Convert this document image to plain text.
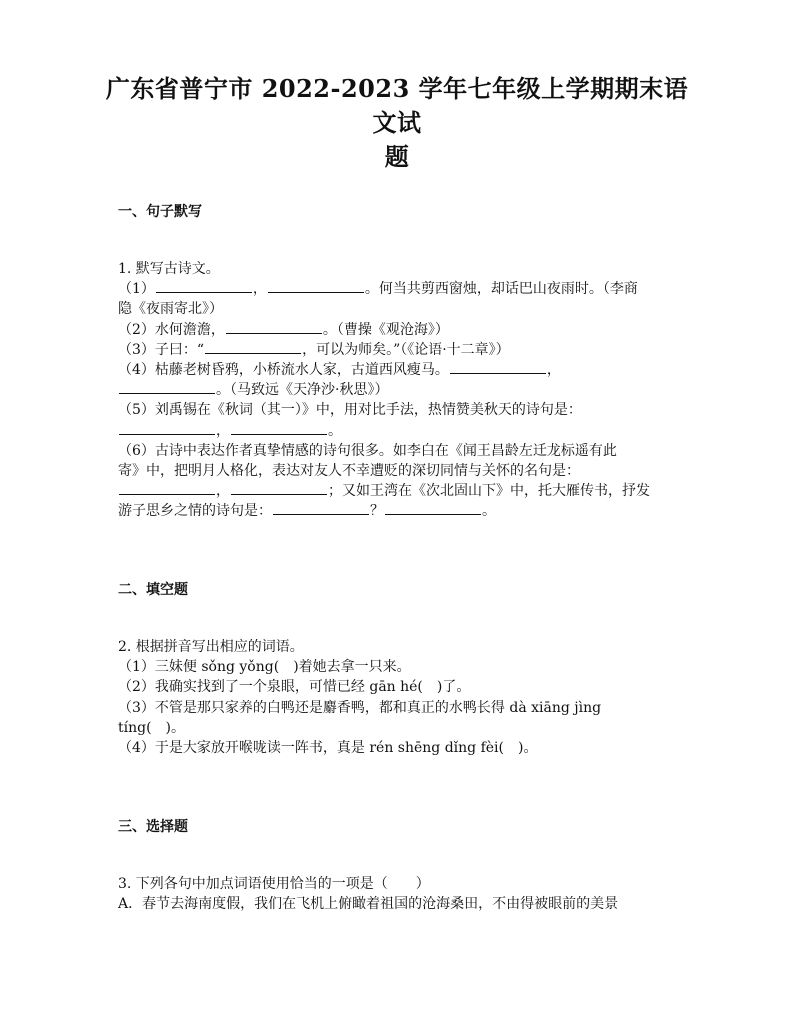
广东省普宁市 2022-2023 学年七年级上学期期末语文试
题
一、句子默写

1. 默写古诗文。

（1）	，	。何当共剪西窗烛，却话巴山夜雨时。（李商

隐《夜雨寄北》）

（2）水何澹澹，	。（曹操《观沧海》）

（3）子曰：“	，可以为师矣。”（《论语·十二章》）

（4）枯藤老树昏鸦，小桥流水人家，古道西风瘦马。	，

。（马致远《天净沙·秋思》）

（5）刘禹锡在《秋词（其一）》中，用对比手法，热情赞美秋天的诗句是：

，	。

（6）古诗中表达作者真挚情感的诗句很多。如李白在《闻王昌龄左迁龙标遥有此

寄》中，把明月人格化，表达对友人不幸遭贬的深切同情与关怀的名句是：

，	；又如王湾在《次北固山下》中，托大雁传书，抒发

游子思乡之情的诗句是：	？	。

二、填空题

2. 根据拼音写出相应的词语。

（1）三妹便 sǒng yǒng( )着她去拿一只来。

（2）我确实找到了一个泉眼，可惜已经 gān hé( )了。

（3）不管是那只家养的白鸭还是麝香鸭，都和真正的水鸭长得 dà xiāng jìng

tíng( )。

（4）于是大家放开喉咙读一阵书，真是 rén shēng dǐng fèi( )。

三、选择题

3. 下列各句中加点词语使用恰当的一项是（　　）

A．春节去海南度假，我们在飞机上俯瞰着祖国的沧海桑田，不由得被眼前的美景
